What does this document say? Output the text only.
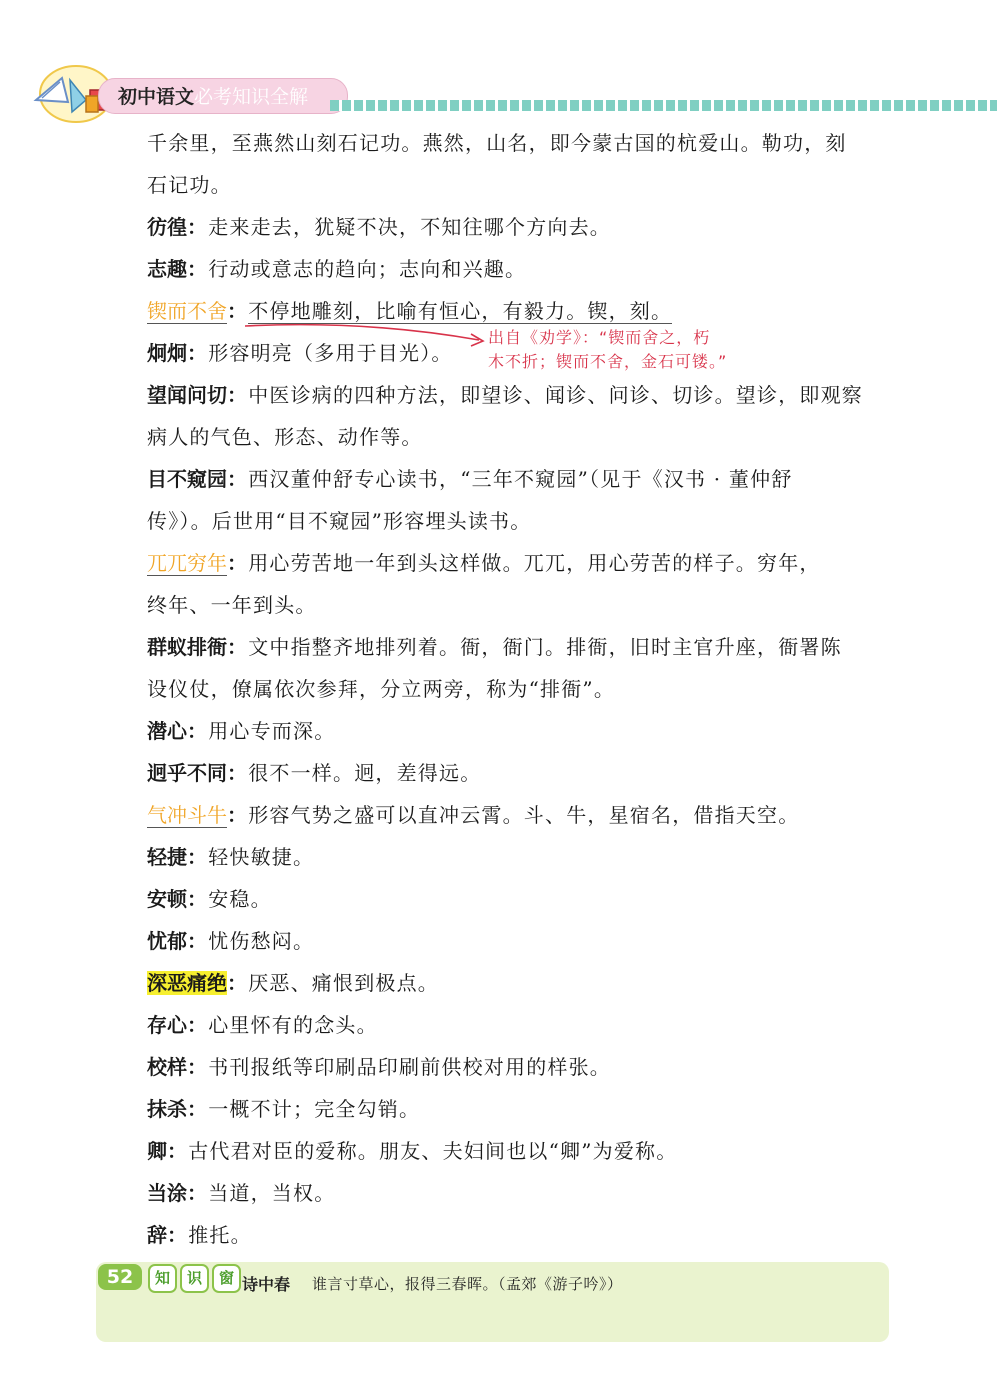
初中语文必考知识全解
出自《劝学》：“锲而舍之，朽
木不折；锲而不舍，金石可镂。”
千余里，至燕然山刻石记功。燕然，山名，即今蒙古国的杭爱山。勒功，刻
石记功。
彷徨：走来走去，犹疑不决，不知往哪个方向去。
志趣：行动或意志的趋向；志向和兴趣。
锲而不舍：不停地雕刻，比喻有恒心，有毅力。锲，刻。
炯炯：形容明亮（多用于目光）。
望闻问切：中医诊病的四种方法，即望诊、闻诊、问诊、切诊。望诊，即观察
病人的气色、形态、动作等。
目不窥园：西汉董仲舒专心读书，“三年不窥园”（见于《汉书 · 董仲舒
传》）。后世用“目不窥园”形容埋头读书。
兀兀穷年：用心劳苦地一年到头这样做。兀兀，用心劳苦的样子。穷年，
终年、一年到头。
群蚁排衙：文中指整齐地排列着。衙，衙门。排衙，旧时主官升座，衙署陈
设仪仗，僚属依次参拜，分立两旁，称为“排衙”。
潜心：用心专而深。
迥乎不同：很不一样。迥，差得远。
气冲斗牛：形容气势之盛可以直冲云霄。斗、牛，星宿名，借指天空。
轻捷：轻快敏捷。
安顿：安稳。
忧郁：忧伤愁闷。
深恶痛绝：厌恶、痛恨到极点。
存心：心里怀有的念头。
校样：书刊报纸等印刷品印刷前供校对用的样张。
抹杀：一概不计；完全勾销。
卿：古代君对臣的爱称。朋友、夫妇间也以“卿”为爱称。
当涂：当道，当权。
辞：推托。
52	知	识	窗 诗中春 谁言寸草心，报得三春晖。（孟郊《游子吟》）
